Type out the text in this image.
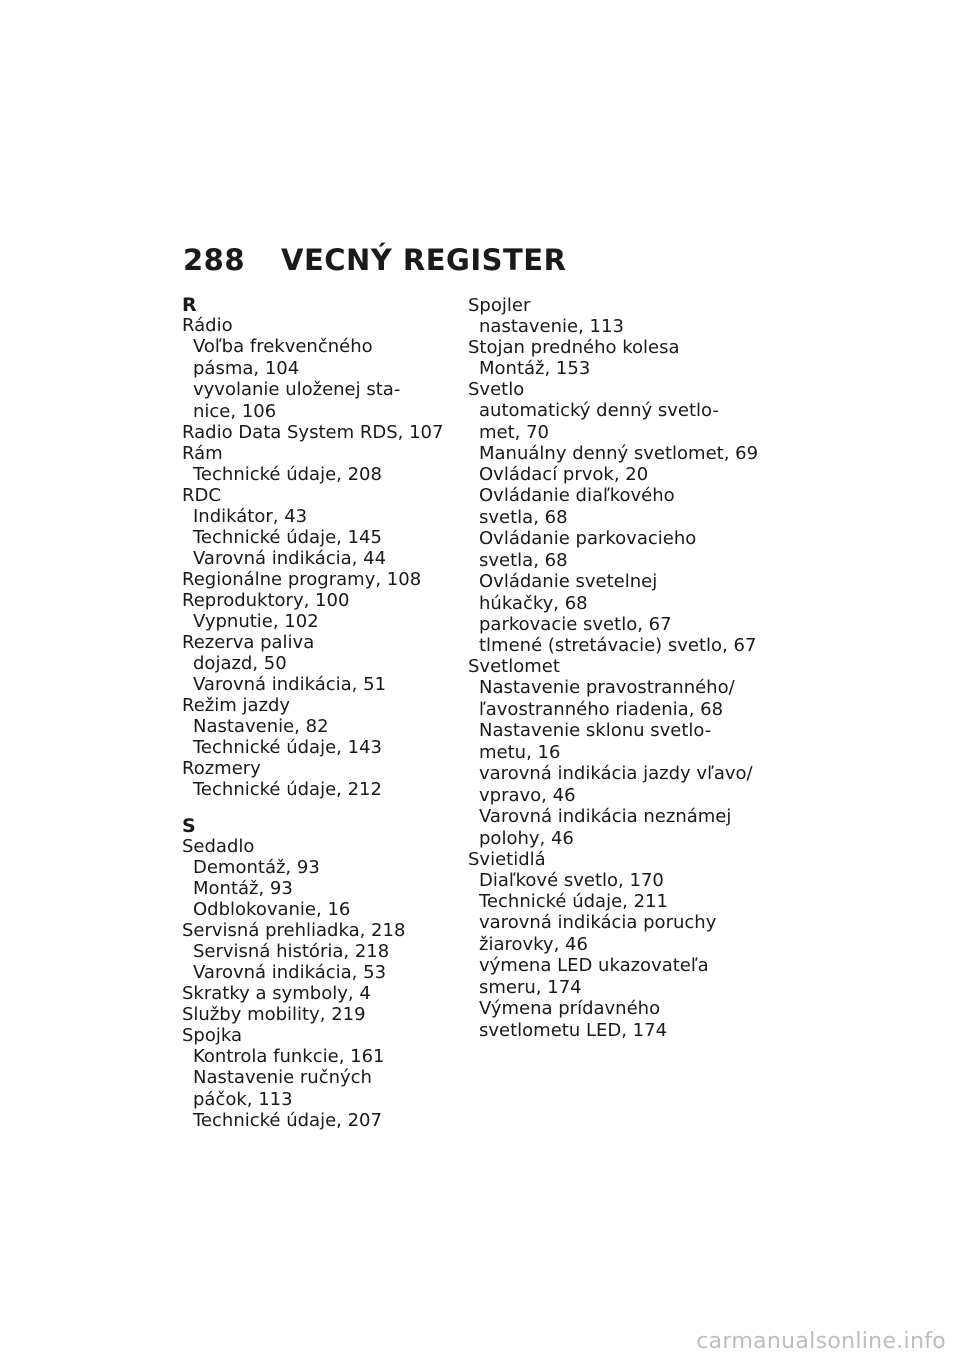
288 VECNÝ REGISTER
R
Rádio
Voľba frekvenčného
pásma, 104
vyvolanie uloženej sta-
nice, 106
Radio Data System RDS, 107
Rám
Technické údaje, 208
RDC
Indikátor, 43
Technické údaje, 145
Varovná indikácia, 44
Regionálne programy, 108
Reproduktory, 100
Vypnutie, 102
Rezerva paliva
dojazd, 50
Varovná indikácia, 51
Režim jazdy
Nastavenie, 82
Technické údaje, 143
Rozmery
Technické údaje, 212
S
Sedadlo
Demontáž, 93
Montáž, 93
Odblokovanie, 16
Servisná prehliadka, 218
Servisná história, 218
Varovná indikácia, 53
Skratky a symboly, 4
Služby mobility, 219
Spojka
Kontrola funkcie, 161
Nastavenie ručných
páčok, 113
Technické údaje, 207
Spojler
nastavenie, 113
Stojan predného kolesa
Montáž, 153
Svetlo
automatický denný svetlo-
met, 70
Manuálny denný svetlomet, 69
Ovládací prvok, 20
Ovládanie diaľkového
svetla, 68
Ovládanie parkovacieho
svetla, 68
Ovládanie svetelnej
húkačky, 68
parkovacie svetlo, 67
tlmené (stretávacie) svetlo, 67
Svetlomet
Nastavenie pravostranného/
ľavostranného riadenia, 68
Nastavenie sklonu svetlo-
metu, 16
varovná indikácia jazdy vľavo/
vpravo, 46
Varovná indikácia neznámej
polohy, 46
Svietidlá
Diaľkové svetlo, 170
Technické údaje, 211
varovná indikácia poruchy
žiarovky, 46
výmena LED ukazovateľa
smeru, 174
Výmena prídavného
svetlometu LED, 174
carmanualsonline.info
